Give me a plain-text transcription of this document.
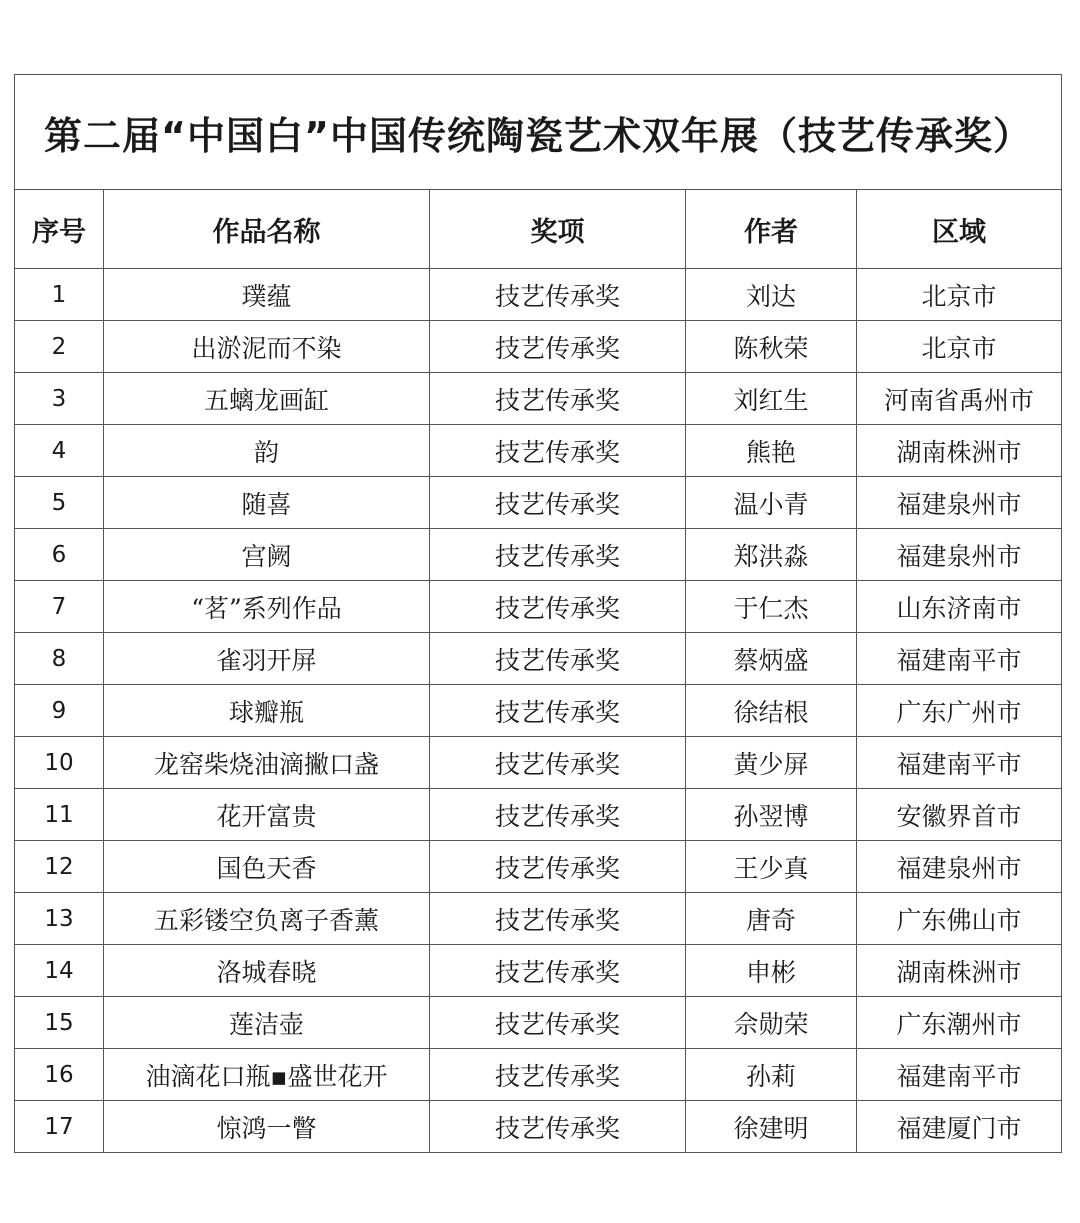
第二届“中国白”中国传统陶瓷艺术双年展（技艺传承奖）				
序号	作品名称	奖项	作者	区域
1	璞蕴	技艺传承奖	刘达	北京市
2	出淤泥而不染	技艺传承奖	陈秋荣	北京市
3	五螭龙画缸	技艺传承奖	刘红生	河南省禹州市
4	韵	技艺传承奖	熊艳	湖南株洲市
5	随喜	技艺传承奖	温小青	福建泉州市
6	宫阙	技艺传承奖	郑洪淼	福建泉州市
7	“茗”系列作品	技艺传承奖	于仁杰	山东济南市
8	雀羽开屏	技艺传承奖	蔡炳盛	福建南平市
9	球瓣瓶	技艺传承奖	徐结根	广东广州市
10	龙窑柴烧油滴撇口盏	技艺传承奖	黄少屏	福建南平市
11	花开富贵	技艺传承奖	孙翌博	安徽界首市
12	国色天香	技艺传承奖	王少真	福建泉州市
13	五彩镂空负离子香薰	技艺传承奖	唐奇	广东佛山市
14	洛城春晓	技艺传承奖	申彬	湖南株洲市
15	莲洁壶	技艺传承奖	佘勋荣	广东潮州市
16	油滴花口瓶▪盛世花开	技艺传承奖	孙莉	福建南平市
17	惊鸿一瞥	技艺传承奖	徐建明	福建厦门市
